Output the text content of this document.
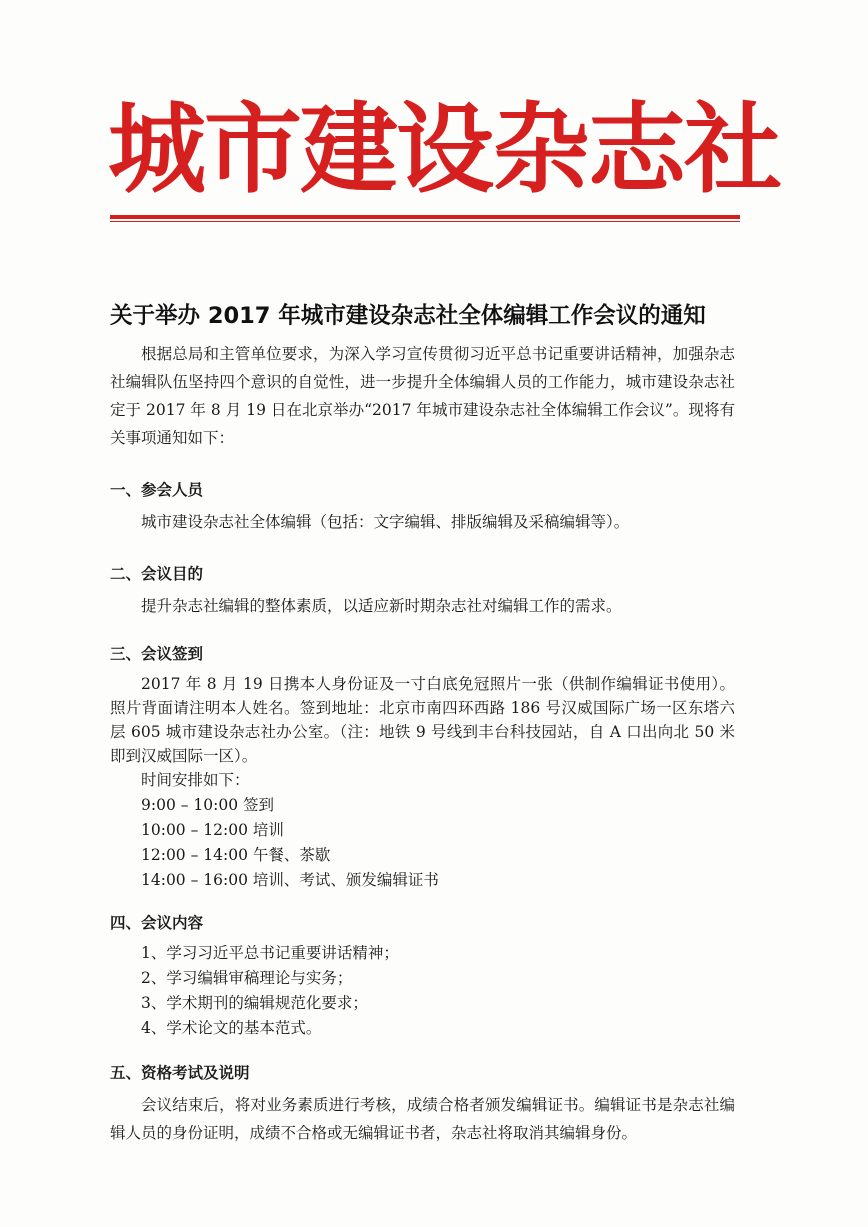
城市建设杂志社
关于举办 2017 年城市建设杂志社全体编辑工作会议的通知

根据总局和主管单位要求，为深入学习宣传贯彻习近平总书记重要讲话精神，加强杂志社编辑队伍坚持四个意识的自觉性，进一步提升全体编辑人员的工作能力，城市建设杂志社定于 2017 年 8 月 19 日在北京举办“2017 年城市建设杂志社全体编辑工作会议”。现将有关事项通知如下：

一、参会人员

城市建设杂志社全体编辑（包括：文字编辑、排版编辑及采稿编辑等）。

二、会议目的

提升杂志社编辑的整体素质，以适应新时期杂志社对编辑工作的需求。

三、会议签到

2017 年 8 月 19 日携本人身份证及一寸白底免冠照片一张（供制作编辑证书使用）。照片背面请注明本人姓名。签到地址：北京市南四环西路 186 号汉威国际广场一区东塔六层 605 城市建设杂志社办公室。（注：地铁 9 号线到丰台科技园站，自 A 口出向北 50 米即到汉威国际一区）。

时间安排如下：

9:00 – 10:00 签到

10:00 – 12:00 培训

12:00 – 14:00 午餐、茶歇

14:00 – 16:00 培训、考试、颁发编辑证书

四、会议内容

1、学习习近平总书记重要讲话精神；

2、学习编辑审稿理论与实务；

3、学术期刊的编辑规范化要求；

4、学术论文的基本范式。

五、资格考试及说明

会议结束后，将对业务素质进行考核，成绩合格者颁发编辑证书。编辑证书是杂志社编辑人员的身份证明，成绩不合格或无编辑证书者，杂志社将取消其编辑身份。
